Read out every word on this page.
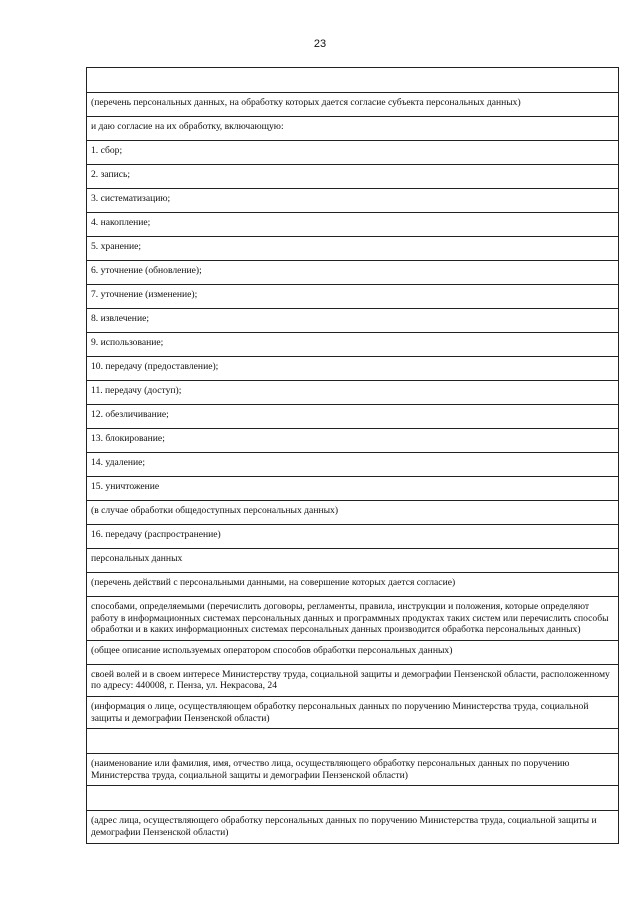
23

(перечень персональных данных, на обработку которых дается согласие субъекта персональных данных)
и даю согласие на их обработку, включающую:
1. сбор;
2. запись;
3. систематизацию;
4. накопление;
5. хранение;
6. уточнение (обновление);
7. уточнение (изменение);
8. извлечение;
9. использование;
10. передачу (предоставление);
11. передачу (доступ);
12. обезличивание;
13. блокирование;
14. удаление;
15. уничтожение
(в случае обработки общедоступных персональных данных)
16. передачу (распространение)
персональных данных
(перечень действий с персональными данными, на совершение которых дается согласие)
способами, определяемыми (перечислить договоры, регламенты, правила, инструкции и положения, которые определяют работу в информационных системах персональных данных и программных продуктах таких систем или перечислить способы обработки и в каких информационных системах персональных данных производится обработка персональных данных)
(общее описание используемых оператором способов обработки персональных данных)
своей волей и в своем интересе Министерству труда, социальной защиты и демографии Пензенской области, расположенному по адресу: 440008, г. Пенза, ул. Некрасова, 24
(информация о лице, осуществляющем обработку персональных данных по поручению Министерства труда, социальной защиты и демографии Пензенской области)

(наименование или фамилия, имя, отчество лица, осуществляющего обработку персональных данных по поручению Министерства труда, социальной защиты и демографии Пензенской области)

(адрес лица, осуществляющего обработку персональных данных по поручению Министерства труда, социальной защиты и демографии Пензенской области)
